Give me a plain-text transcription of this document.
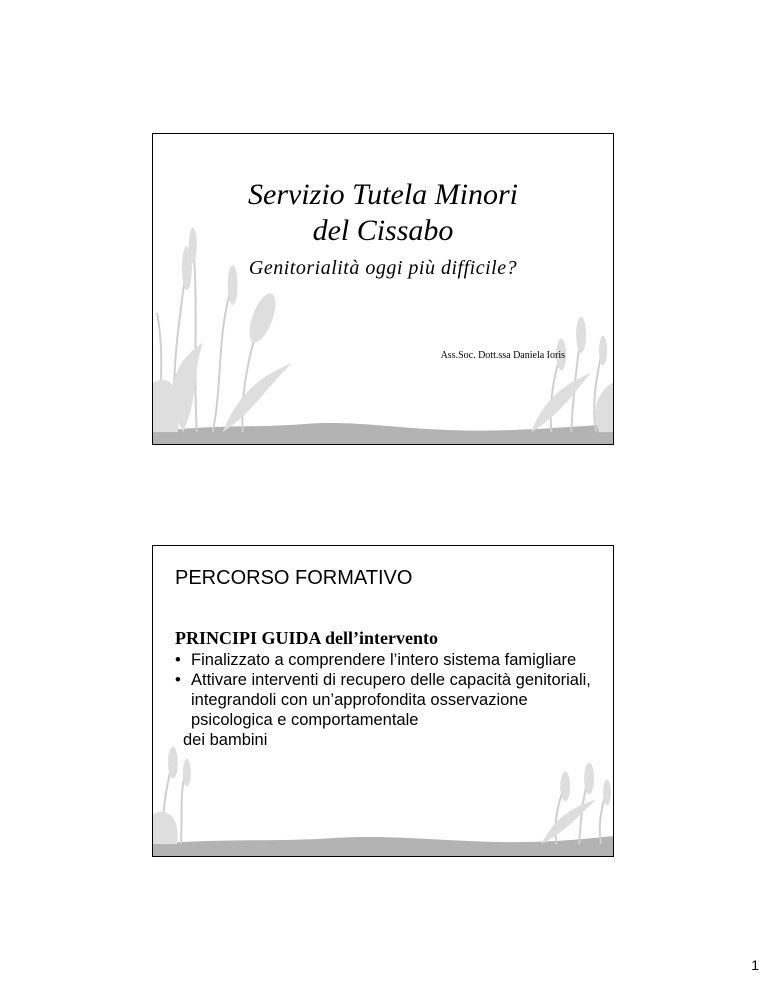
Servizio Tutela Minori
del Cissabo
Genitorialità oggi più difficile?
Ass.Soc. Dott.ssa Daniela Ioris
PERCORSO FORMATIVO
PRINCIPI GUIDA dell’intervento
• Finalizzato a comprendere l’intero sistema famigliare
• Attivare interventi di recupero delle capacità genitoriali, integrandoli con un’approfondita osservazione psicologica e comportamentale
dei bambini
1
